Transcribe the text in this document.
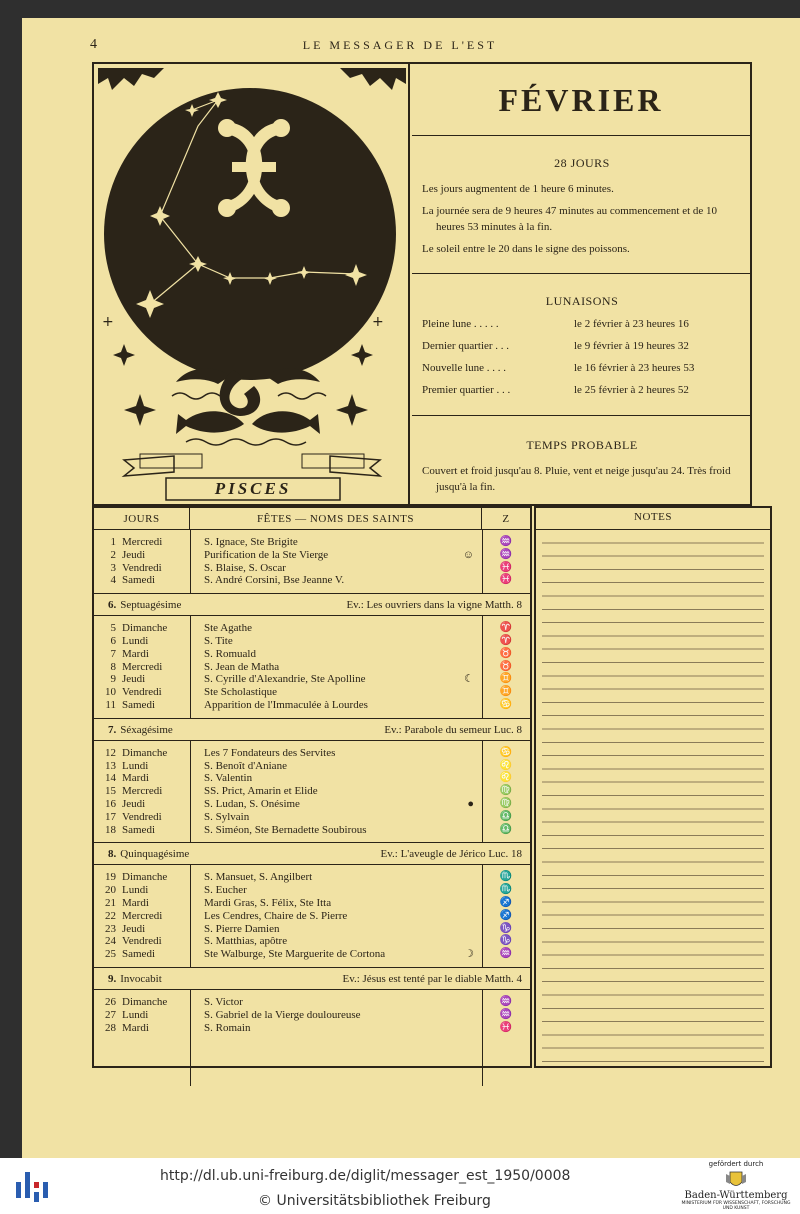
4	LE MESSAGER DE L'EST
+	+
PISCES
FÉVRIER
28 JOURS

Les jours augmentent de 1 heure 6 minutes.

La journée sera de 9 heures 47 minutes au commencement et de 10 heures 53 minutes à la fin.

Le soleil entre le 20 dans le signe des poissons.

LUNAISONS
Pleine lune . . . . .	le 2 février à 23 heures 16
Dernier quartier . . .	le 9 février à 19 heures 32
Nouvelle lune . . . .	le 16 février à 23 heures 53
Premier quartier . . .	le 25 février à 2 heures 52
TEMPS PROBABLE

Couvert et froid jusqu'au 8. Pluie, vent et neige jusqu'au 24. Très froid jusqu'à la fin.

JOURS	FÊTES — NOMS DES SAINTS	Z
1 Mercredi	S. Ignace, Ste Brigite	♒
2 Jeudi	Purification de la Ste Vierge	☺	♒
3 Vendredi	S. Blaise, S. Oscar	♓
4 Samedi	S. André Corsini, Bse Jeanne V.	♓
6. Septuagésime	Ev.: Les ouvriers dans la vigne Matth. 8
5 Dimanche	Ste Agathe	♈
6 Lundi	S. Tite	♈
7 Mardi	S. Romuald	♉
8 Mercredi	S. Jean de Matha	♉
9 Jeudi	S. Cyrille d'Alexandrie, Ste Apolline	☾	♊
10 Vendredi	Ste Scholastique	♊
11 Samedi	Apparition de l'Immaculée à Lourdes	♋
7. Séxagésime	Ev.: Parabole du semeur Luc. 8
12 Dimanche	Les 7 Fondateurs des Servites	♋
13 Lundi	S. Benoît d'Aniane	♌
14 Mardi	S. Valentin	♌
15 Mercredi	SS. Prict, Amarin et Elide	♍
16 Jeudi	S. Ludan, S. Onésime	●	♍
17 Vendredi	S. Sylvain	♎
18 Samedi	S. Siméon, Ste Bernadette Soubirous	♎
8. Quinquagésime	Ev.: L'aveugle de Jérico Luc. 18
19 Dimanche	S. Mansuet, S. Angilbert	♏
20 Lundi	S. Eucher	♏
21 Mardi	Mardi Gras, S. Félix, Ste Itta	♐
22 Mercredi	Les Cendres, Chaire de S. Pierre	♐
23 Jeudi	S. Pierre Damien	♑
24 Vendredi	S. Matthias, apôtre	♑
25 Samedi	Ste Walburge, Ste Marguerite de Cortona	☽	♒
9. Invocabit	Ev.: Jésus est tenté par le diable Matth. 4
26 Dimanche	S. Victor	♒
27 Lundi	S. Gabriel de la Vierge douloureuse	♒
28 Mardi	S. Romain	♓
NOTES
http://dl.ub.uni-freiburg.de/diglit/messager_est_1950/0008
© Universitätsbibliothek Freiburg
gefördert durch
Baden-Württemberg
MINISTERIUM FÜR WISSENSCHAFT, FORSCHUNG UND KUNST
